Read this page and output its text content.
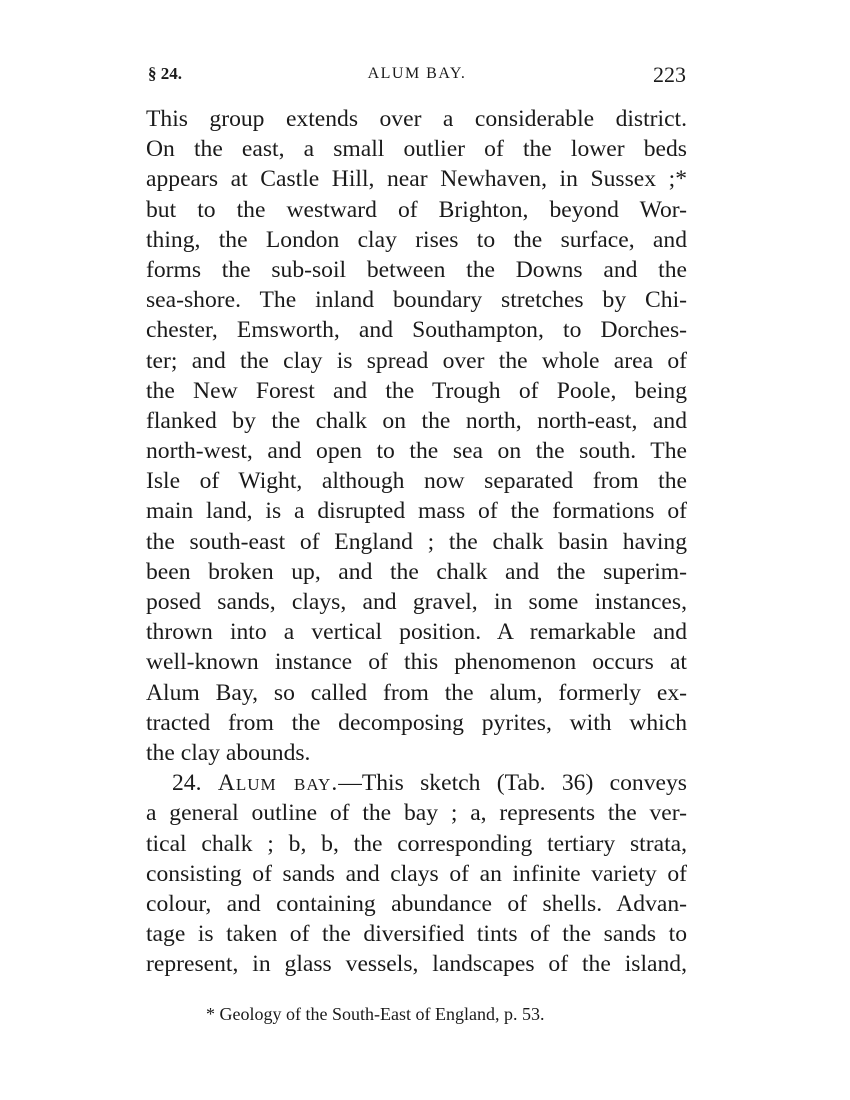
§ 24.	ALUM BAY.	223
This group extends over a considerable district.
On the east, a small outlier of the lower beds
appears at Castle Hill, near Newhaven, in Sussex ;*
but to the westward of Brighton, beyond Wor-
thing, the London clay rises to the surface, and
forms the sub-soil between the Downs and the
sea-shore. The inland boundary stretches by Chi-
chester, Emsworth, and Southampton, to Dorches-
ter; and the clay is spread over the whole area of
the New Forest and the Trough of Poole, being
flanked by the chalk on the north, north-east, and
north-west, and open to the sea on the south. The
Isle of Wight, although now separated from the
main land, is a disrupted mass of the formations of
the south-east of England ; the chalk basin having
been broken up, and the chalk and the superim-
posed sands, clays, and gravel, in some instances,
thrown into a vertical position. A remarkable and
well-known instance of this phenomenon occurs at
Alum Bay, so called from the alum, formerly ex-
tracted from the decomposing pyrites, with which
the clay abounds.
24. Alum bay.—This sketch (Tab. 36) conveys
a general outline of the bay ; a, represents the ver-
tical chalk ; b, b, the corresponding tertiary strata,
consisting of sands and clays of an infinite variety of
colour, and containing abundance of shells. Advan-
tage is taken of the diversified tints of the sands to
represent, in glass vessels, landscapes of the island,
* Geology of the South-East of England, p. 53.
